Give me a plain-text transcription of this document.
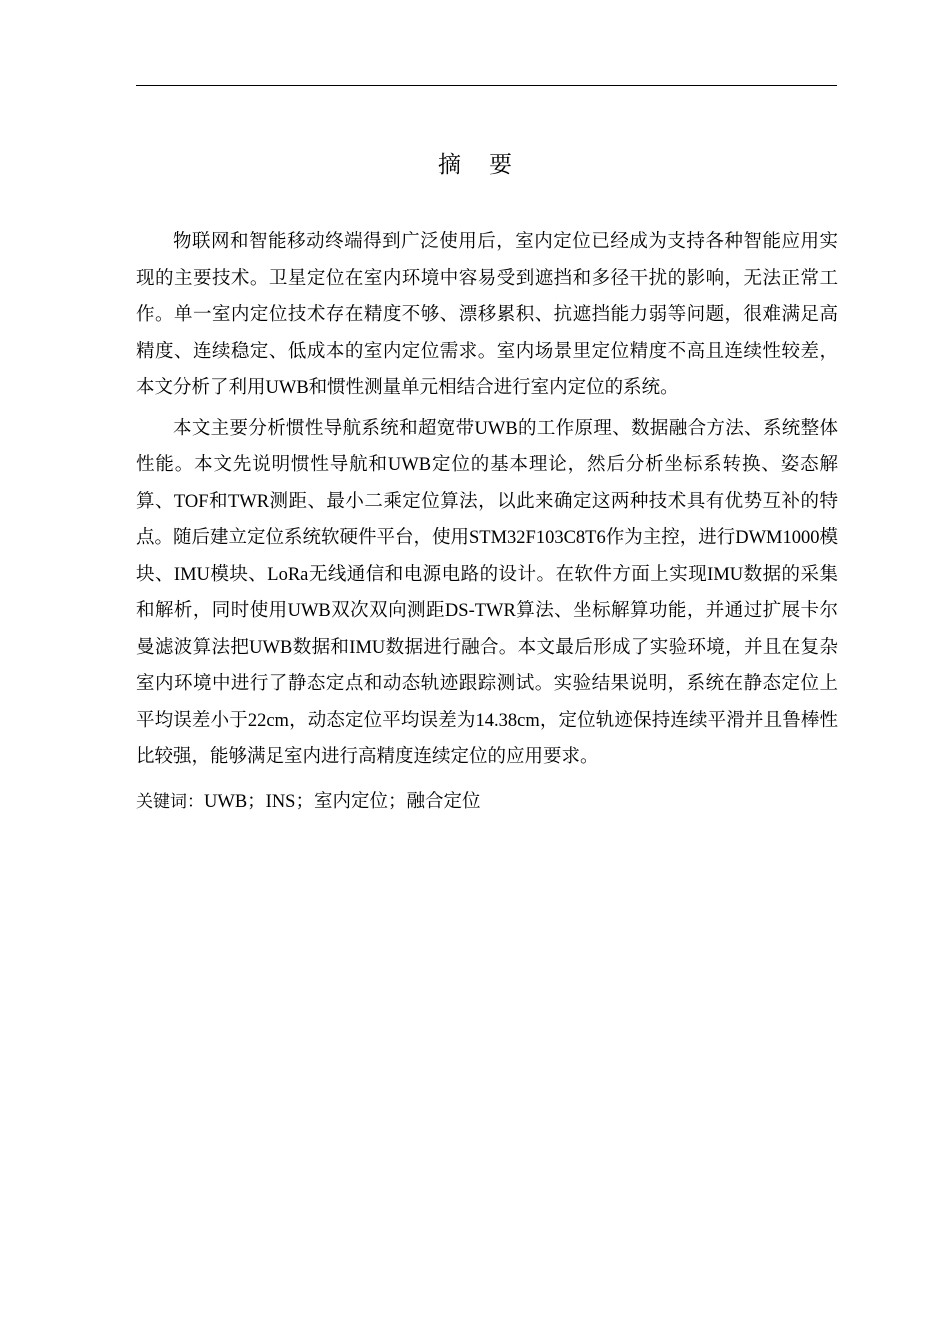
摘要

物联网和智能移动终端得到广泛使用后，室内定位已经成为支持各种智能应用实现的主要技术。卫星定位在室内环境中容易受到遮挡和多径干扰的影响，无法正常工作。单一室内定位技术存在精度不够、漂移累积、抗遮挡能力弱等问题，很难满足高精度、连续稳定、低成本的室内定位需求。室内场景里定位精度不高且连续性较差，本文分析了利用UWB和惯性测量单元相结合进行室内定位的系统。

本文主要分析惯性导航系统和超宽带UWB的工作原理、数据融合方法、系统整体性能。本文先说明惯性导航和UWB定位的基本理论，然后分析坐标系转换、姿态解算、TOF和TWR测距、最小二乘定位算法，以此来确定这两种技术具有优势互补的特点。随后建立定位系统软硬件平台，使用STM32F103C8T6作为主控，进行DWM1000模块、IMU模块、LoRa无线通信和电源电路的设计。在软件方面上实现IMU数据的采集和解析，同时使用UWB双次双向测距DS-TWR算法、坐标解算功能，并通过扩展卡尔曼滤波算法把UWB数据和IMU数据进行融合。本文最后形成了实验环境，并且在复杂室内环境中进行了静态定点和动态轨迹跟踪测试。实验结果说明，系统在静态定位上平均误差小于22cm，动态定位平均误差为14.38cm，定位轨迹保持连续平滑并且鲁棒性比较强，能够满足室内进行高精度连续定位的应用要求。

关键词：UWB；INS；室内定位；融合定位
